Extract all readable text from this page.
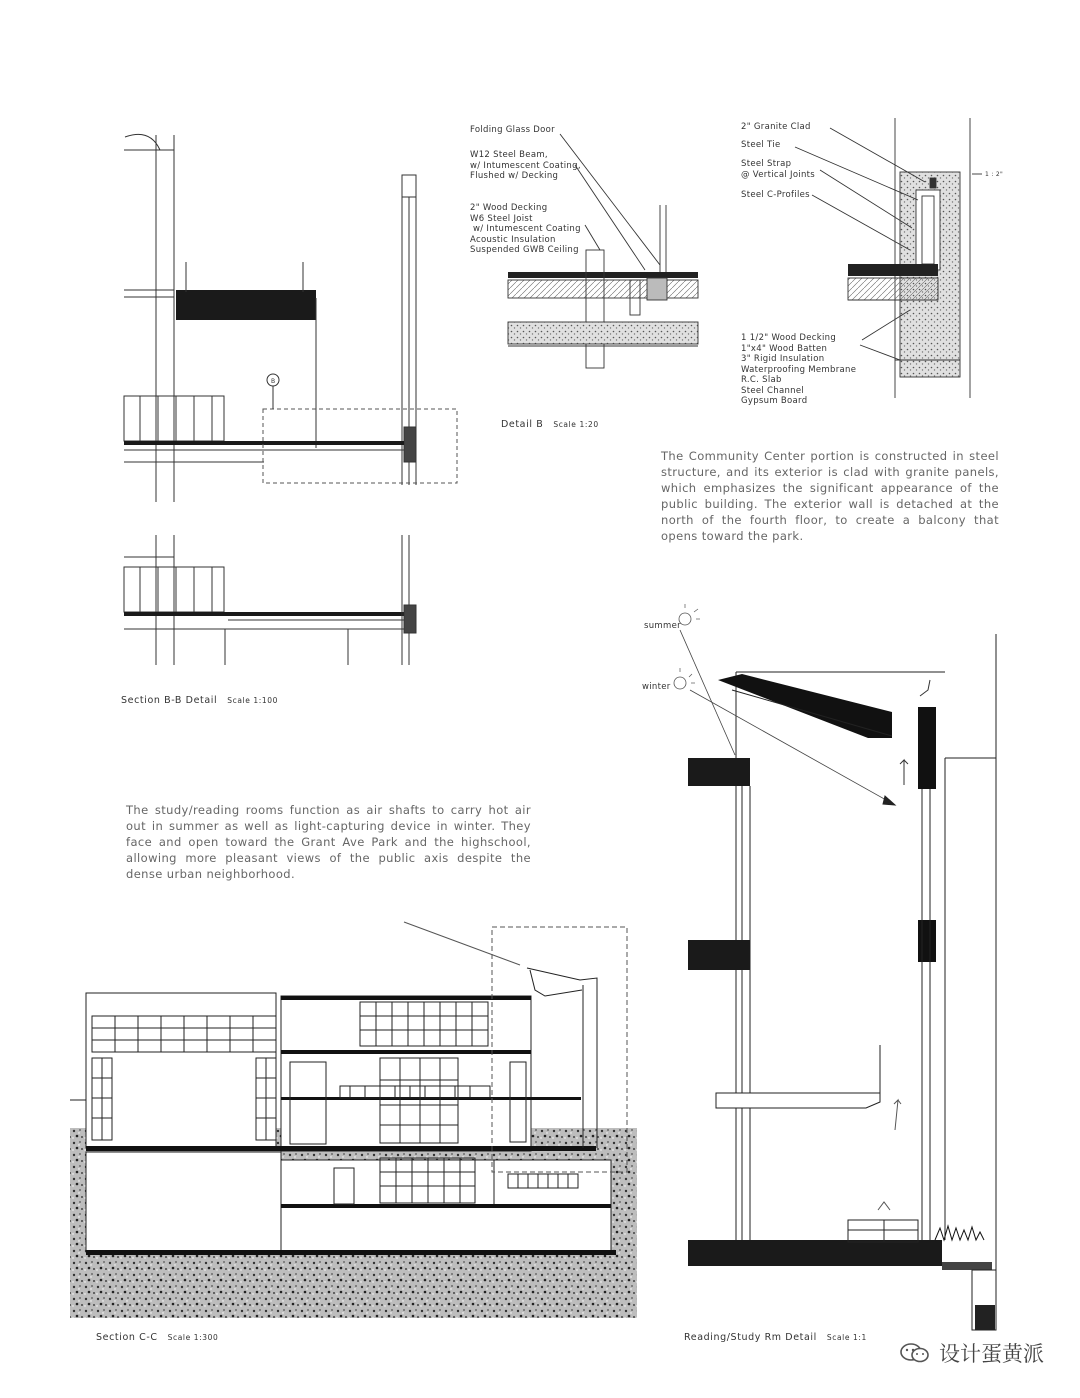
B
Folding Glass Door
W12 Steel Beam,
w/ Intumescent Coating,
Flushed w/ Decking
2" Wood Decking
W6 Steel Joist
w/ Intumescent Coating
Acoustic Insulation
Suspended GWB Ceiling
2" Granite Clad
Steel Tie
Steel Strap
@ Vertical Joints
Steel C-Profiles
1 1/2" Wood Decking
1"x4" Wood Batten
3" Rigid Insulation
Waterproofing Membrane
R.C. Slab
Steel Channel
Gypsum Board
1 : 2"
Detail B Scale 1:20
The Community Center portion is constructed in steel structure, and its exterior is clad with granite panels, which emphasizes the significant appearance of the public building. The exterior wall is detached at the north of the fourth floor, to create a balcony that opens toward the park.
Section B-B Detail Scale 1:100
The study/reading rooms function as air shafts to carry hot air out in summer as well as light-capturing device in winter. They face and open toward the Grant Ave Park and the highschool, allowing more pleasant views of the public axis despite the dense urban neighborhood.
summer
winter
Section C-C Scale 1:300	Reading/Study Rm Detail Scale 1:1
设计蛋黄派
